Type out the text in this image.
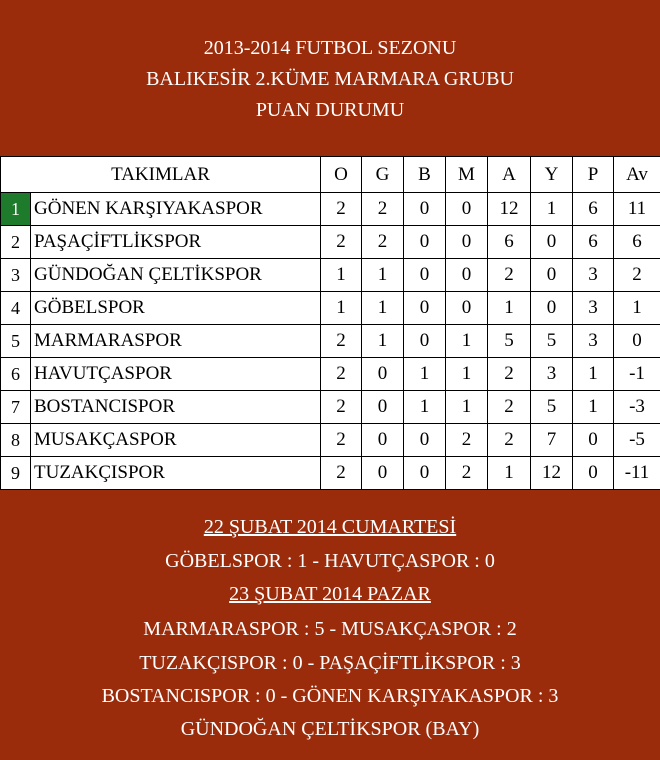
2013-2014 FUTBOL SEZONU
BALIKESİR 2.KÜME MARMARA GRUBU
PUAN DURUMU
TAKIMLAR		O	G	B	M	A	Y	P	Av
1	GÖNEN KARŞIYAKASPOR	2	2	0	0	12	1	6	11
2	PAŞAÇİFTLİKSPOR	2	2	0	0	6	0	6	6
3	GÜNDOĞAN ÇELTİKSPOR	1	1	0	0	2	0	3	2
4	GÖBELSPOR	1	1	0	0	1	0	3	1
5	MARMARASPOR	2	1	0	1	5	5	3	0
6	HAVUTÇASPOR	2	0	1	1	2	3	1	-1
7	BOSTANCISPOR	2	0	1	1	2	5	1	-3
8	MUSAKÇASPOR	2	0	0	2	2	7	0	-5
9	TUZAKÇISPOR	2	0	0	2	1	12	0	-11
22 ŞUBAT 2014 CUMARTESİ
GÖBELSPOR : 1 - HAVUTÇASPOR : 0
23 ŞUBAT 2014 PAZAR
MARMARASPOR : 5 - MUSAKÇASPOR : 2
TUZAKÇISPOR : 0 - PAŞAÇİFTLİKSPOR : 3
BOSTANCISPOR : 0 - GÖNEN KARŞIYAKASPOR : 3
GÜNDOĞAN ÇELTİKSPOR (BAY)
